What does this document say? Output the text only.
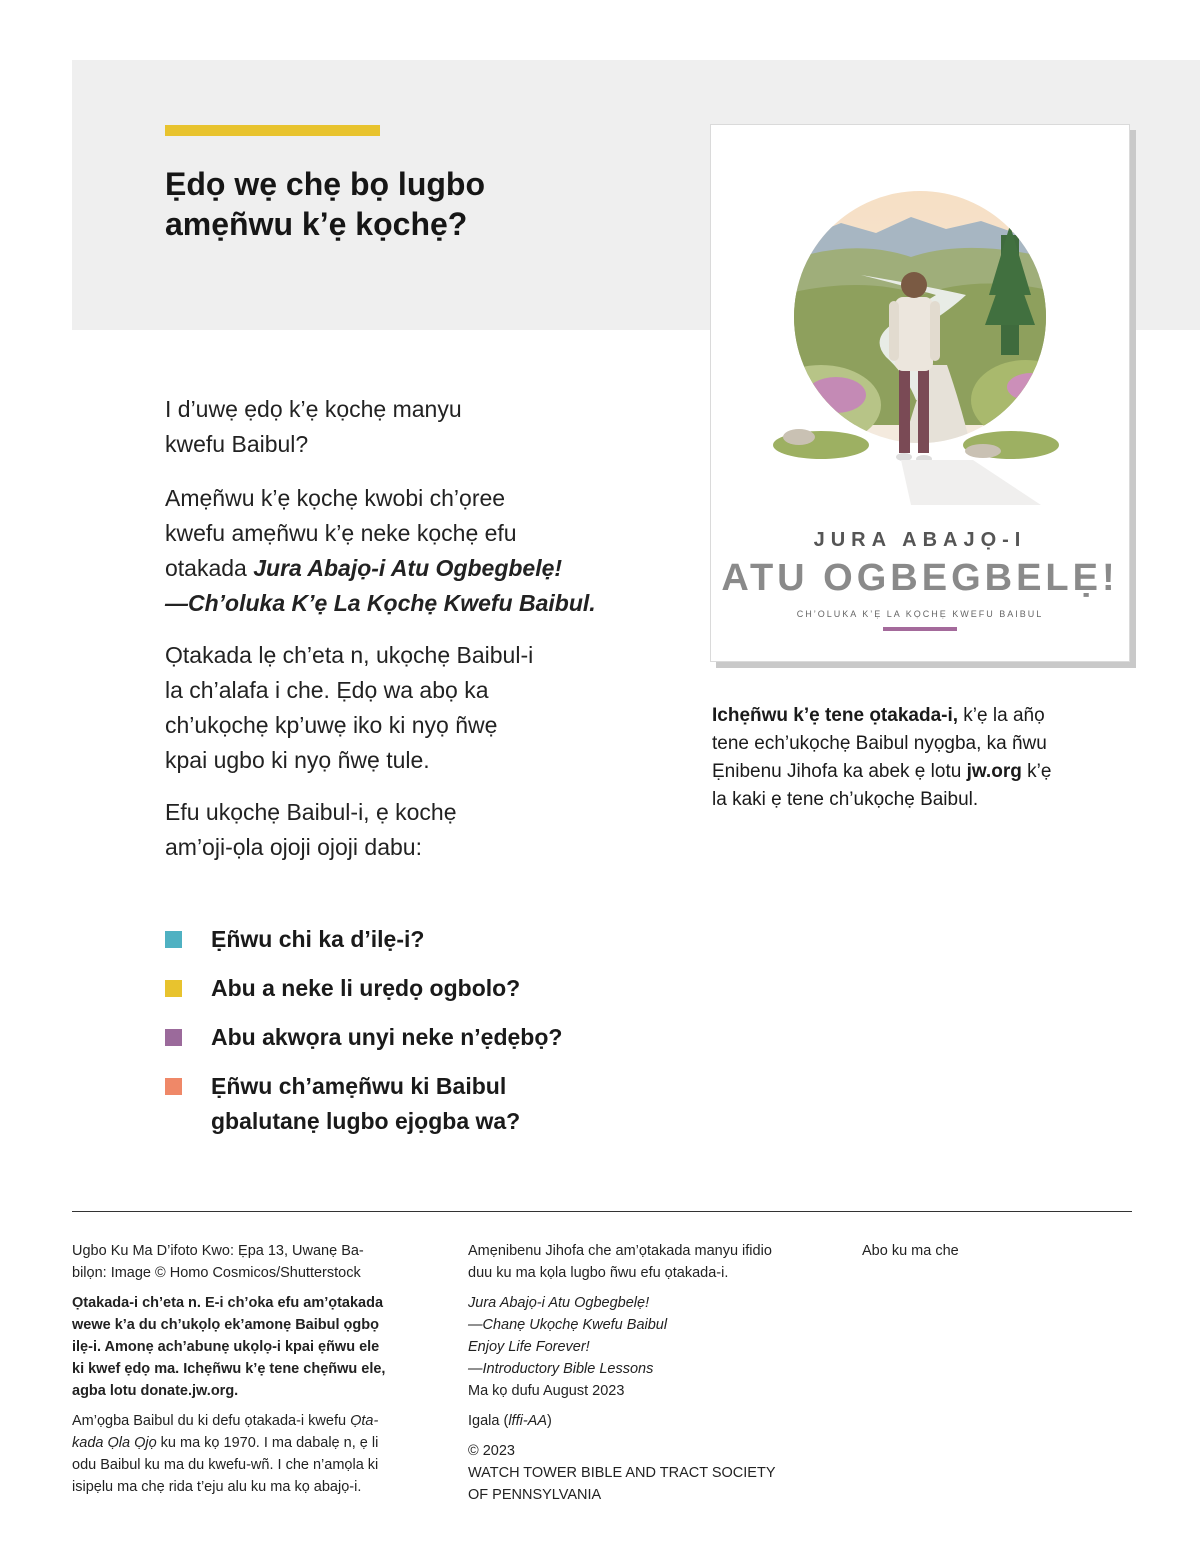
Ẹdọ wẹ chẹ bọ lugbo
amẹñwu k’ẹ kọchẹ?
JURA ABAJỌ-I
ATU OGBEGBELẸ!
CH’OLUKA K’Ẹ LA KỌCHẸ KWEFU BAIBUL
Ichẹñwu k’ẹ tene ọtakada-i, k’ẹ la añọ
tene ech’ukọchẹ Baibul nyọgba, ka ñwu
Ẹnibenu Jihofa ka abek ẹ lotu jw.org k’ẹ
la kaki ẹ tene ch’ukọchẹ Baibul.

I d’uwẹ ẹdọ k’ẹ kọchẹ manyu
kwefu Baibul?

Amẹñwu k’ẹ kọchẹ kwobi ch’ọree
kwefu amẹñwu k’ẹ neke kọchẹ efu
otakada Jura Abajọ-i Atu Ogbegbelẹ!
—Ch’oluka K’ẹ La Kọchẹ Kwefu Baibul.

Ọtakada lẹ ch’eta n, ukọchẹ Baibul-i
la ch’alafa i che. Ẹdọ wa abọ ka
ch’ukọchẹ kp’uwẹ iko ki nyọ ñwẹ
kpai ugbo ki nyọ ñwẹ tule.

Efu ukọchẹ Baibul-i, ẹ kochẹ
am’oji-ọla ojoji ojoji dabu:

Ẹñwu chi ka d’ilẹ-i?
Abu a neke li urẹdọ ogbolo?
Abu akwọra unyi neke n’ẹdẹbọ?
Ẹñwu ch’amẹñwu ki Baibul
gbalutanẹ lugbo ejọgba wa?

Ugbo Ku Ma D’ifoto Kwo: Ẹpa 13, Uwanẹ Ba-
bilọn: Image © Homo Cosmicos/Shutterstock

Ọtakada-i ch’eta n. E-i ch’oka efu am’ọtakada
wewe k’a du ch’ukọlọ ek’amonẹ Baibul ọgbọ
ilẹ-i. Amonẹ ach’abunẹ ukọlọ-i kpai ẹñwu ele
ki kwef ẹdọ ma. Ichẹñwu k’ẹ tene chẹñwu ele,
agba lotu donate.jw.org.

Am’ọgba Baibul du ki defu ọtakada-i kwefu Ọta-
kada Ọla Ọjọ ku ma kọ 1970. I ma dabalẹ n, ẹ li
odu Baibul ku ma du kwefu-wñ. I che n’amọla ki
isipẹlu ma chẹ rida t’eju alu ku ma kọ abajọ-i.

Amẹnibenu Jihofa che am’ọtakada manyu ifidio
duu ku ma kọla lugbo ñwu efu ọtakada-i.

Jura Abajọ-i Atu Ogbegbelẹ!
—Chanẹ Ukọchẹ Kwefu Baibul
Enjoy Life Forever!
—Introductory Bible Lessons
Ma kọ dufu August 2023

Igala (lffi-AA)

© 2023
WATCH TOWER BIBLE AND TRACT SOCIETY
OF PENNSYLVANIA

Abo ku ma che
